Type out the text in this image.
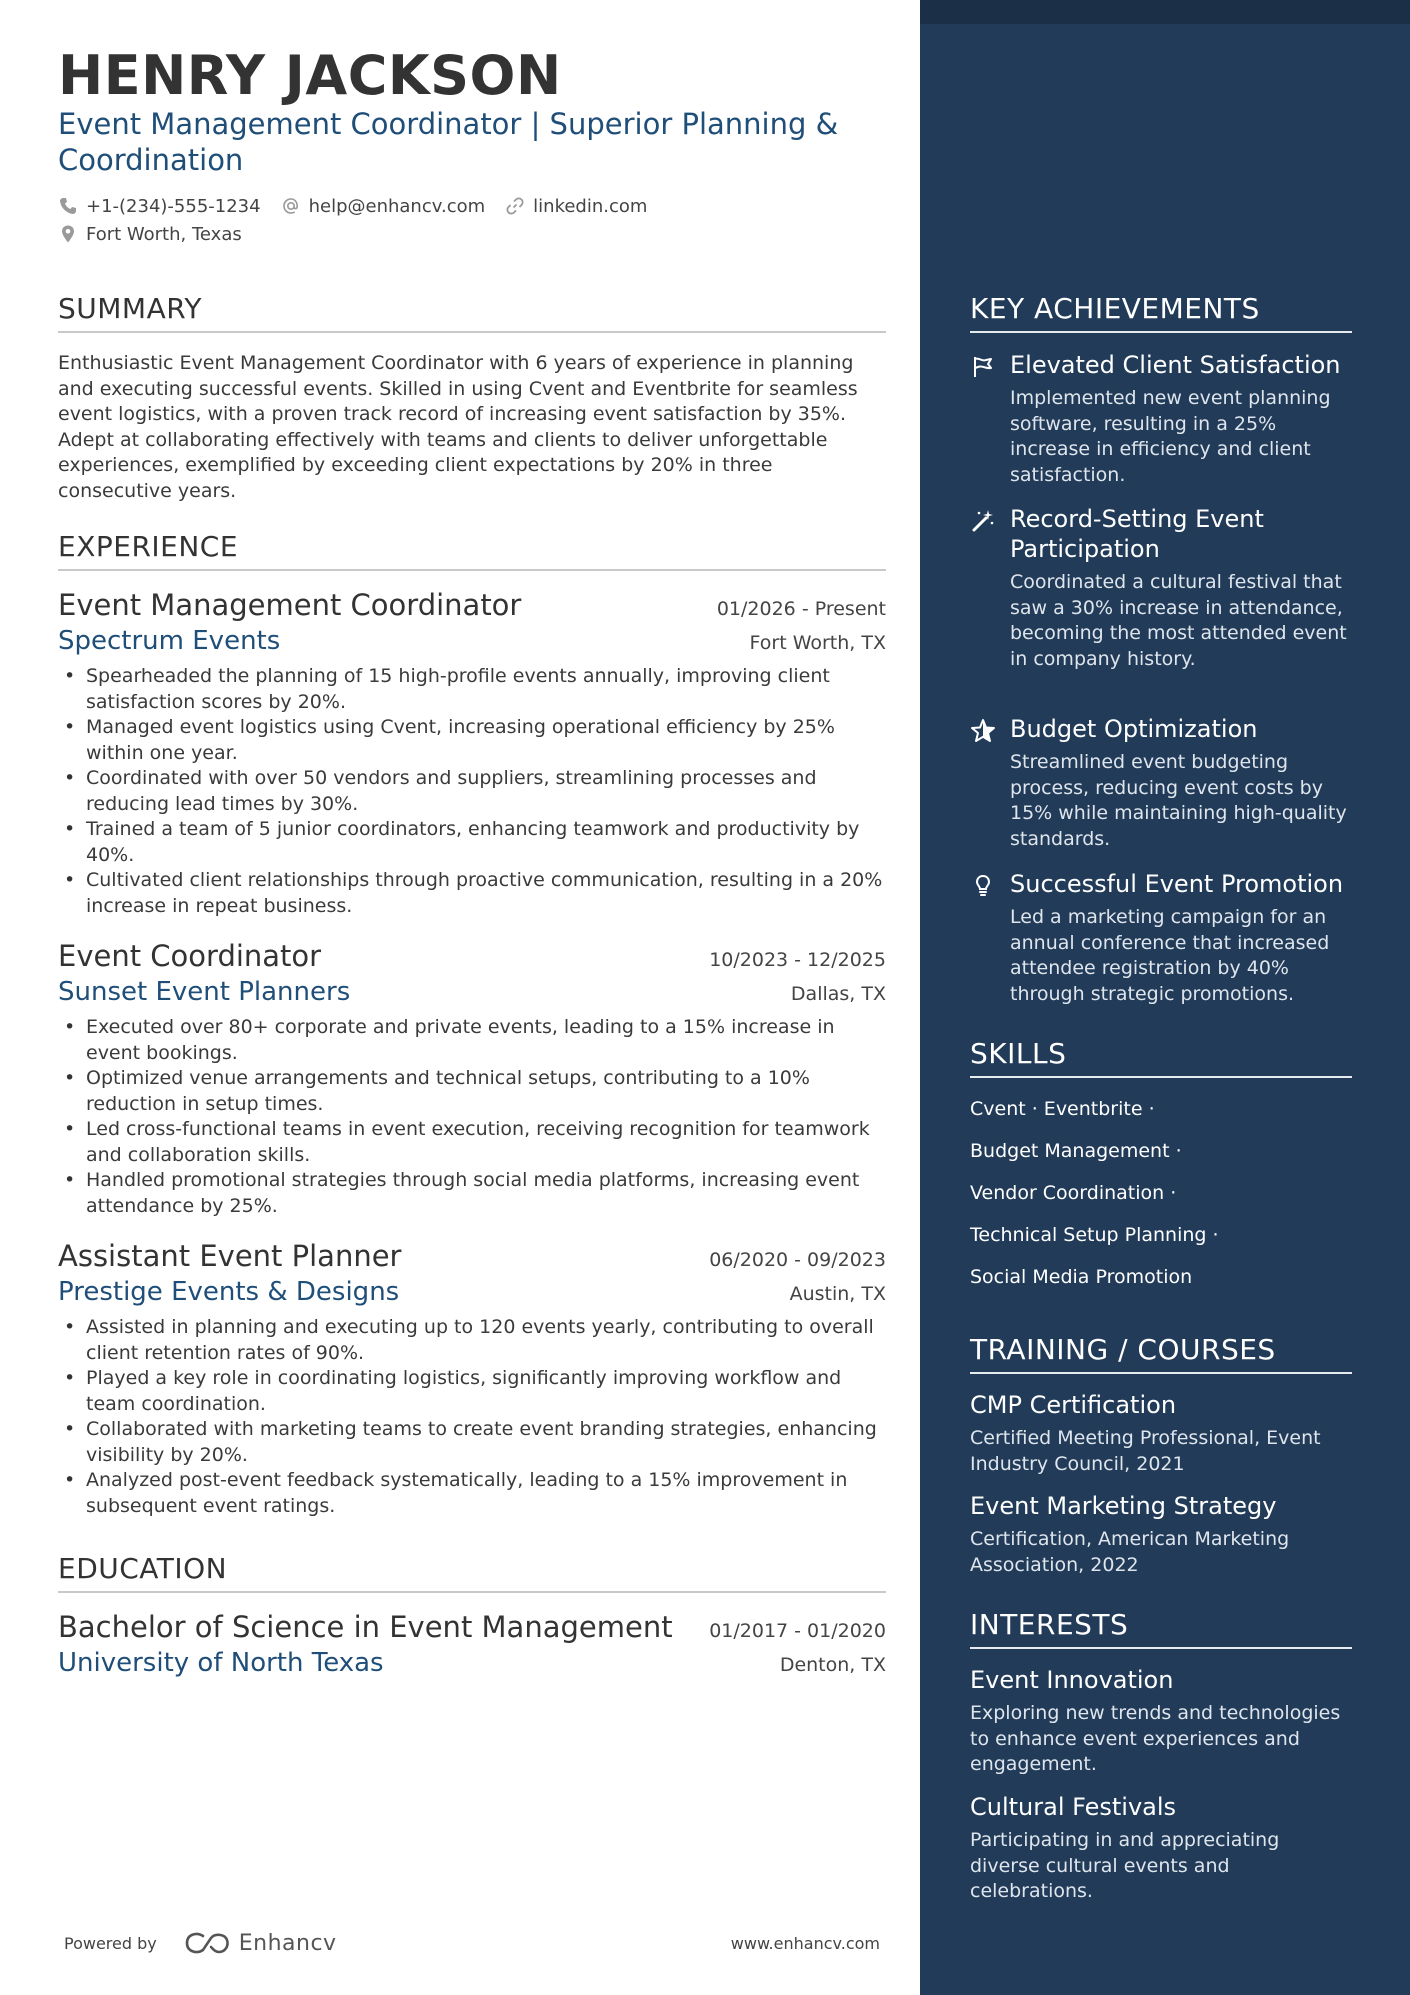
HENRY JACKSON
Event Management Coordinator | Superior Planning & Coordination
+1-(234)-555-1234	help@enhancv.com	linkedin.com
Fort Worth, Texas
SUMMARY
Enthusiastic Event Management Coordinator with 6 years of experience in planning and executing successful events. Skilled in using Cvent and Eventbrite for seamless event logistics, with a proven track record of increasing event satisfaction by 35%. Adept at collaborating effectively with teams and clients to deliver unforgettable experiences, exemplified by exceeding client expectations by 20% in three consecutive years.
EXPERIENCE
Event Management Coordinator	01/2026 - Present
Spectrum Events	Fort Worth, TX
• Spearheaded the planning of 15 high-profile events annually, improving client satisfaction scores by 20%.
• Managed event logistics using Cvent, increasing operational efficiency by 25% within one year.
• Coordinated with over 50 vendors and suppliers, streamlining processes and reducing lead times by 30%.
• Trained a team of 5 junior coordinators, enhancing teamwork and productivity by 40%.
• Cultivated client relationships through proactive communication, resulting in a 20% increase in repeat business.
Event Coordinator	10/2023 - 12/2025
Sunset Event Planners	Dallas, TX
• Executed over 80+ corporate and private events, leading to a 15% increase in event bookings.
• Optimized venue arrangements and technical setups, contributing to a 10% reduction in setup times.
• Led cross-functional teams in event execution, receiving recognition for teamwork and collaboration skills.
• Handled promotional strategies through social media platforms, increasing event attendance by 25%.
Assistant Event Planner	06/2020 - 09/2023
Prestige Events & Designs	Austin, TX
• Assisted in planning and executing up to 120 events yearly, contributing to overall client retention rates of 90%.
• Played a key role in coordinating logistics, significantly improving workflow and team coordination.
• Collaborated with marketing teams to create event branding strategies, enhancing visibility by 20%.
• Analyzed post-event feedback systematically, leading to a 15% improvement in subsequent event ratings.
EDUCATION
Bachelor of Science in Event Management 01/2017 - 01/2020
University of North Texas	Denton, TX
Powered by	Enhancv	www.enhancv.com
KEY ACHIEVEMENTS
Elevated Client Satisfaction
Implemented new event planning software, resulting in a 25% increase in efficiency and client satisfaction.
Record-Setting Event Participation
Coordinated a cultural festival that saw a 30% increase in attendance, becoming the most attended event in company history.
Budget Optimization
Streamlined event budgeting process, reducing event costs by 15% while maintaining high-quality standards.
Successful Event Promotion
Led a marketing campaign for an annual conference that increased attendee registration by 40% through strategic promotions.
SKILLS
Cvent · Eventbrite ·
Budget Management ·
Vendor Coordination ·
Technical Setup Planning ·
Social Media Promotion
TRAINING / COURSES
CMP Certification
Certified Meeting Professional, Event Industry Council, 2021
Event Marketing Strategy
Certification, American Marketing Association, 2022
INTERESTS
Event Innovation
Exploring new trends and technologies to enhance event experiences and engagement.
Cultural Festivals
Participating in and appreciating diverse cultural events and celebrations.
